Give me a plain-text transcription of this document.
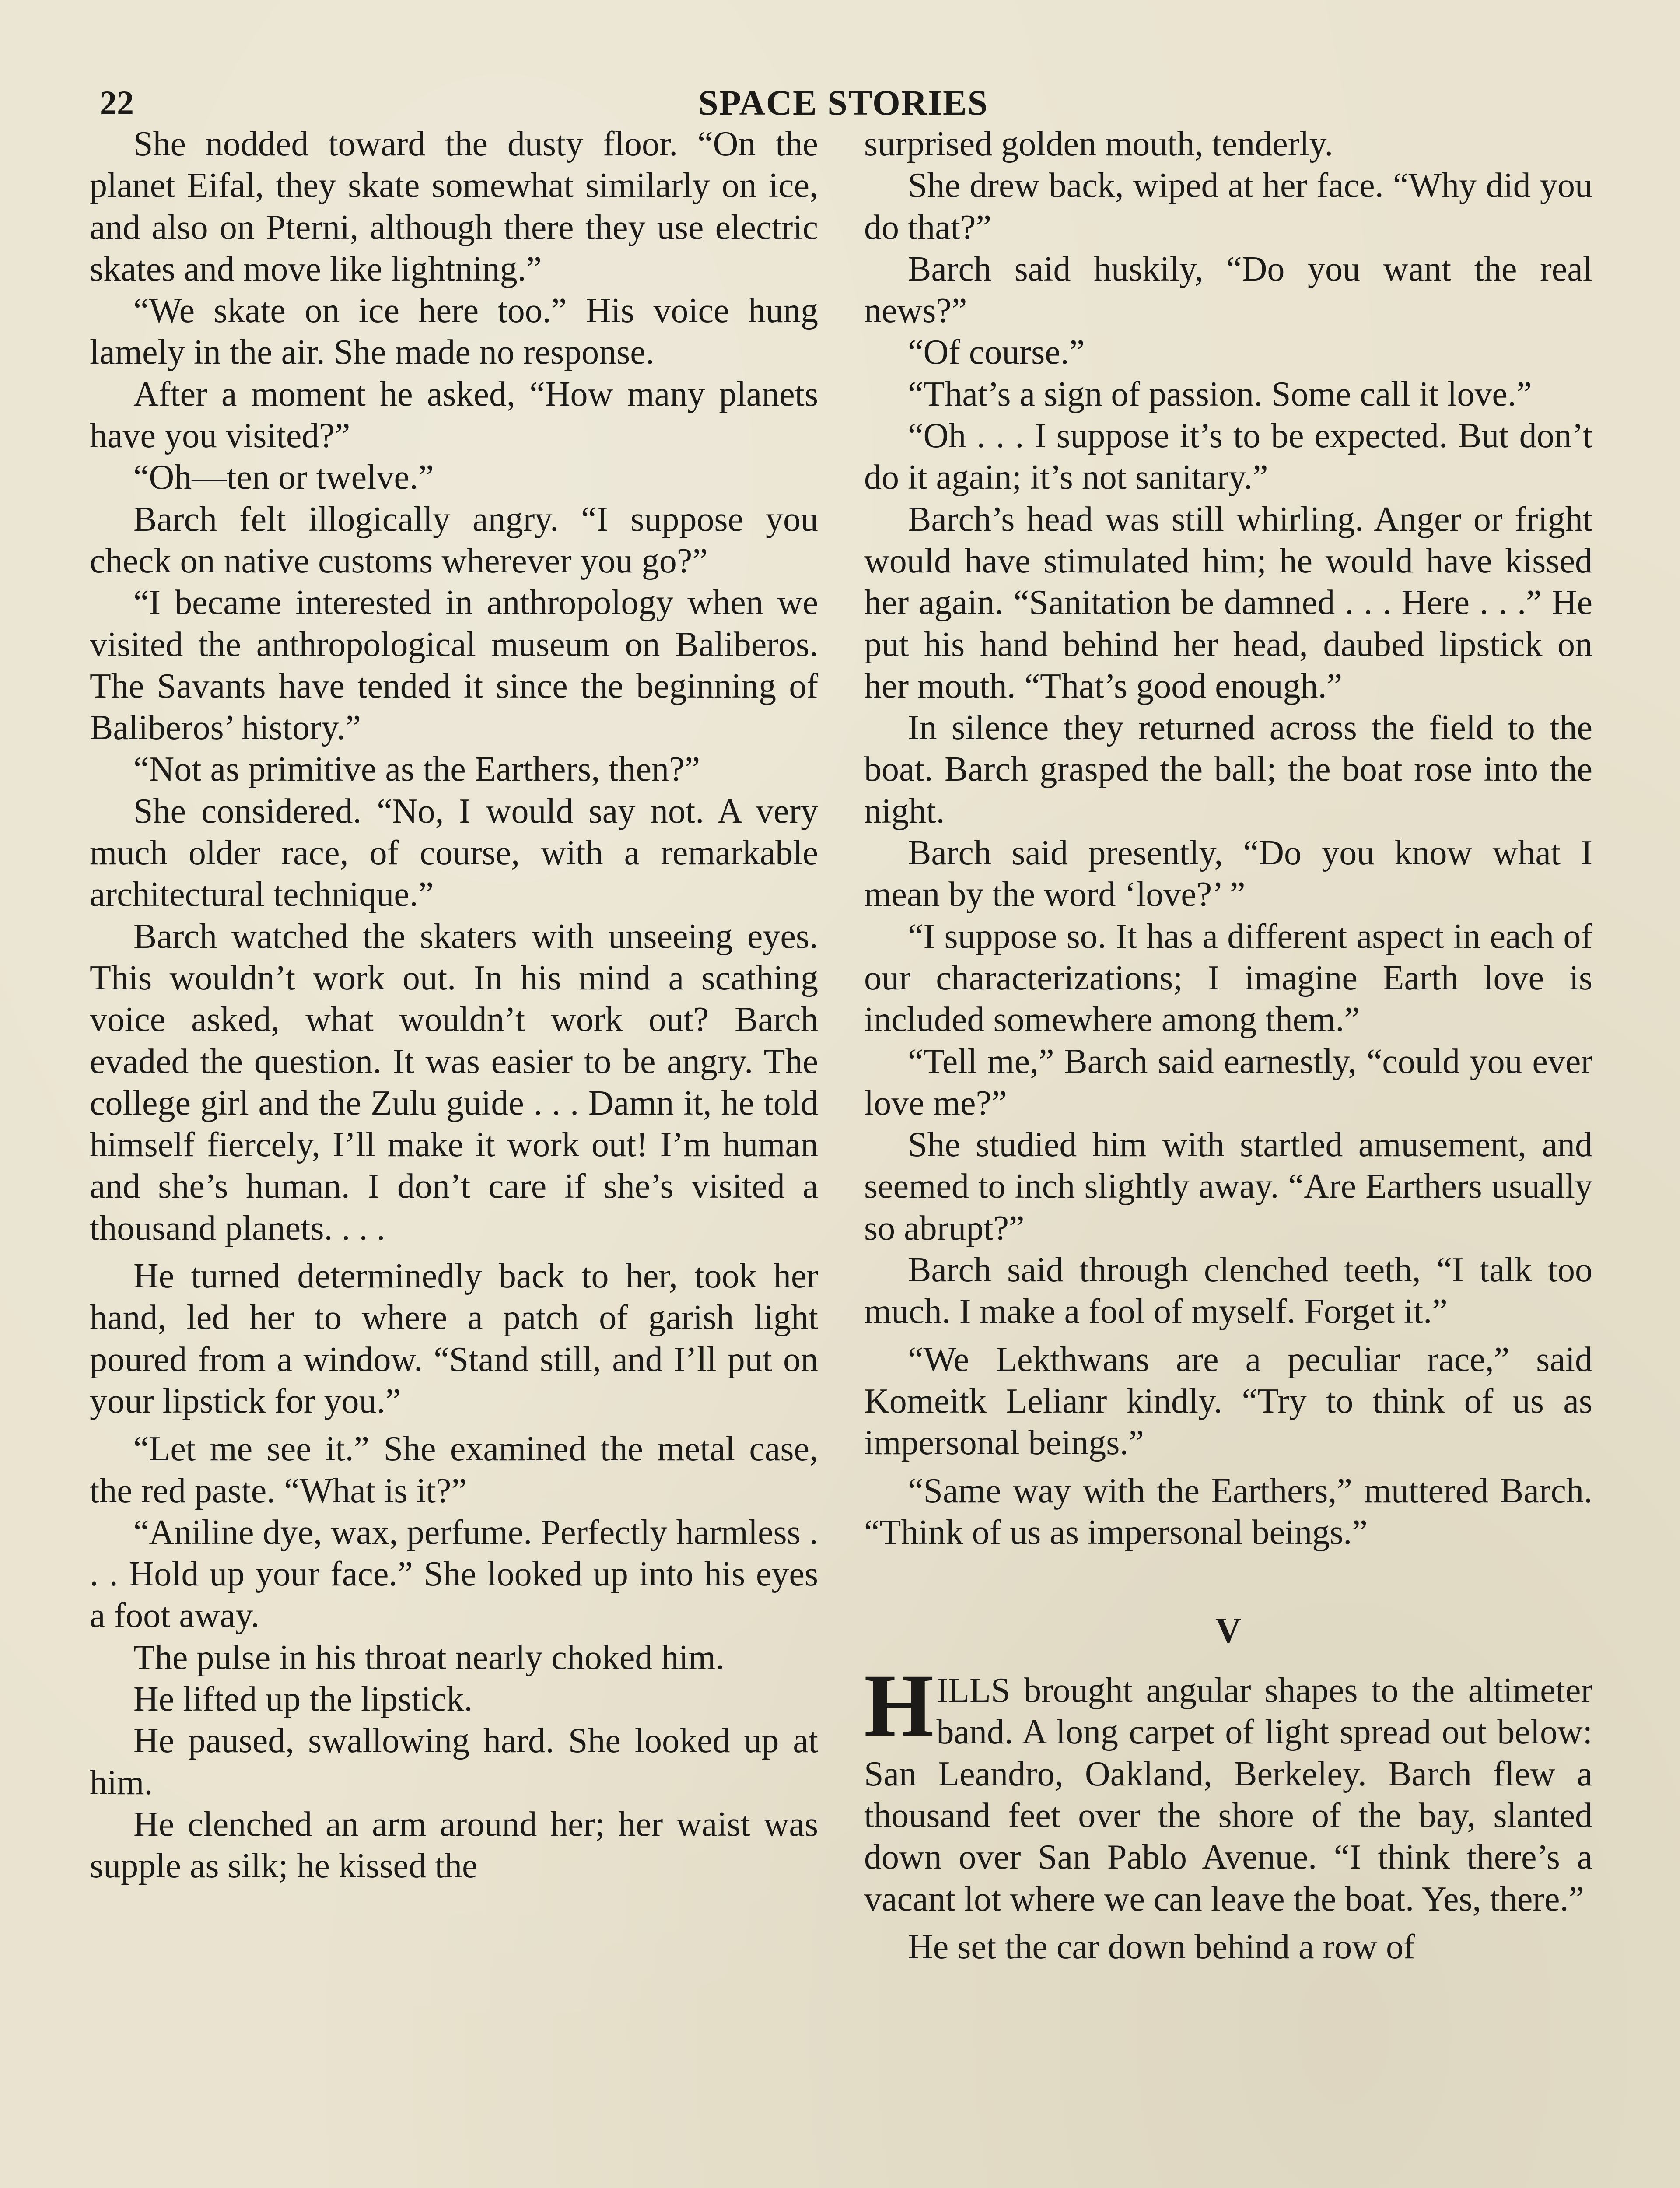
22	SPACE STORIES

She nodded toward the dusty floor. “On the planet Eifal, they skate somewhat similarly on ice, and also on Pterni, although there they use electric skates and move like lightning.”

“We skate on ice here too.” His voice hung lamely in the air. She made no response.

After a moment he asked, “How many planets have you visited?”

“Oh—ten or twelve.”

Barch felt illogically angry. “I suppose you check on native customs wherever you go?”

“I became interested in anthropology when we visited the anthropological museum on Baliberos. The Savants have tended it since the beginning of Baliberos’ history.”

“Not as primitive as the Earthers, then?”

She considered. “No, I would say not. A very much older race, of course, with a remarkable architectural technique.”

Barch watched the skaters with unseeing eyes. This wouldn’t work out. In his mind a scathing voice asked, what wouldn’t work out? Barch evaded the question. It was easier to be angry. The college girl and the Zulu guide . . . Damn it, he told himself fiercely, I’ll make it work out! I’m human and she’s human. I don’t care if she’s visited a thousand planets. . . .

He turned determinedly back to her, took her hand, led her to where a patch of garish light poured from a window. “Stand still, and I’ll put on your lipstick for you.”

“Let me see it.” She examined the metal case, the red paste. “What is it?”

“Aniline dye, wax, perfume. Perfectly harmless . . . Hold up your face.” She looked up into his eyes a foot away.

The pulse in his throat nearly choked him.

He lifted up the lipstick.

He paused, swallowing hard. She looked up at him.

He clenched an arm around her; her waist was supple as silk; he kissed the

surprised golden mouth, tenderly.

She drew back, wiped at her face. “Why did you do that?”

Barch said huskily, “Do you want the real news?”

“Of course.”

“That’s a sign of passion. Some call it love.”

“Oh . . . I suppose it’s to be expected. But don’t do it again; it’s not sanitary.”

Barch’s head was still whirling. Anger or fright would have stimulated him; he would have kissed her again. “Sanitation be damned . . . Here . . .” He put his hand behind her head, daubed lipstick on her mouth. “That’s good enough.”

In silence they returned across the field to the boat. Barch grasped the ball; the boat rose into the night.

Barch said presently, “Do you know what I mean by the word ‘love?’ ”

“I suppose so. It has a different aspect in each of our characterizations; I imagine Earth love is included somewhere among them.”

“Tell me,” Barch said earnestly, “could you ever love me?”

She studied him with startled amusement, and seemed to inch slightly away. “Are Earthers usually so abrupt?”

Barch said through clenched teeth, “I talk too much. I make a fool of myself. Forget it.”

“We Lekthwans are a peculiar race,” said Komeitk Lelianr kindly. “Try to think of us as impersonal beings.”

“Same way with the Earthers,” muttered Barch. “Think of us as impersonal beings.”

V

HILLS brought angular shapes to the altimeter band. A long carpet of light spread out below: San Leandro, Oakland, Berkeley. Barch flew a thousand feet over the shore of the bay, slanted down over San Pablo Avenue. “I think there’s a vacant lot where we can leave the boat. Yes, there.”

He set the car down behind a row of
